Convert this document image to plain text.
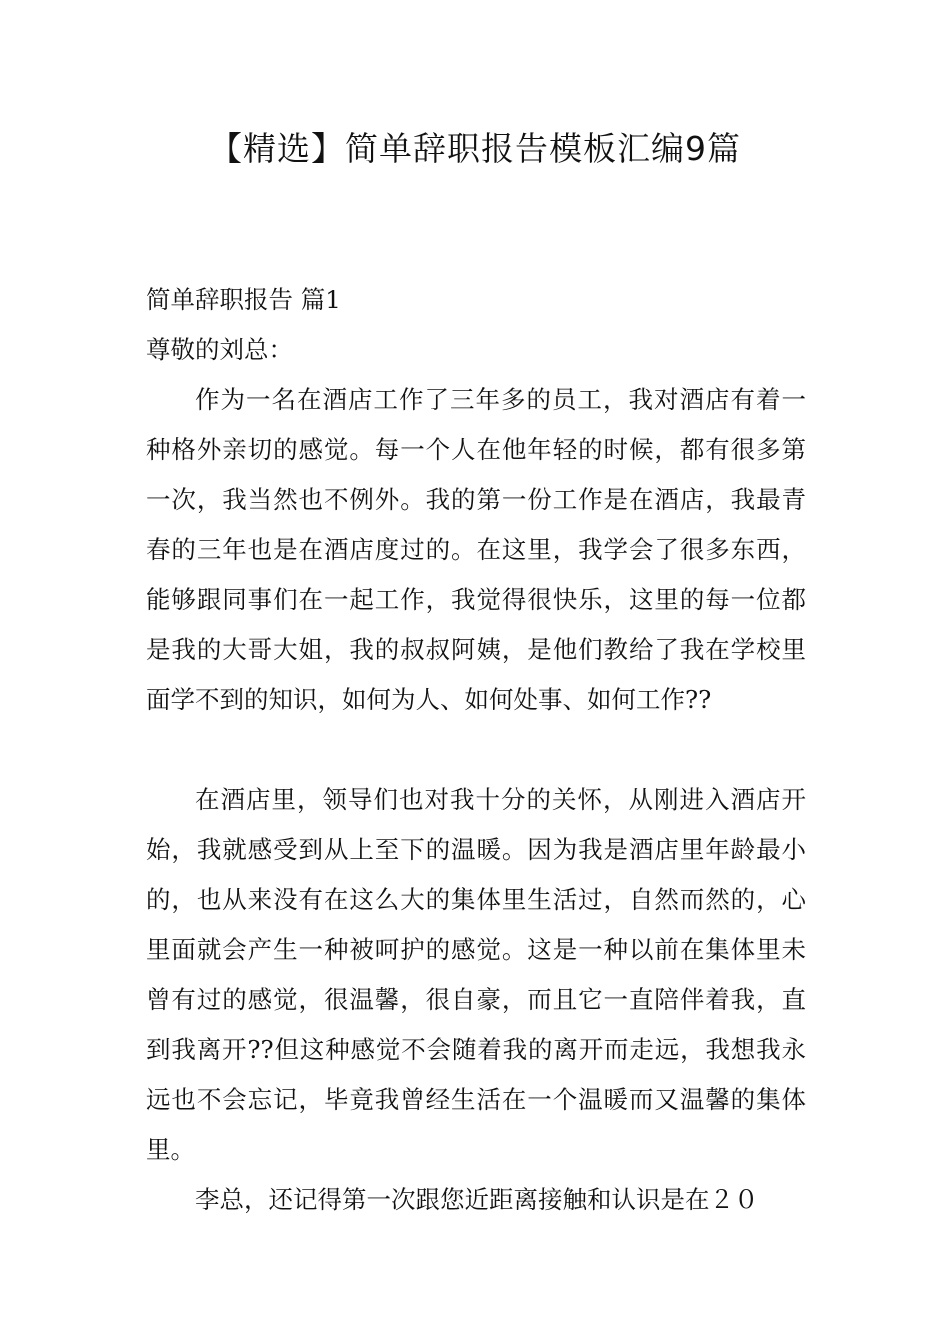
【精选】简单辞职报告模板汇编9篇
简单辞职报告 篇1
尊敬的刘总：

作为一名在酒店工作了三年多的员工，我对酒店有着一种格外亲切的感觉。每一个人在他年轻的时候，都有很多第一次，我当然也不例外。我的第一份工作是在酒店，我最青春的三年也是在酒店度过的。在这里，我学会了很多东西，能够跟同事们在一起工作，我觉得很快乐，这里的每一位都是我的大哥大姐，我的叔叔阿姨，是他们教给了我在学校里面学不到的知识，如何为人、如何处事、如何工作??

在酒店里，领导们也对我十分的关怀，从刚进入酒店开始，我就感受到从上至下的温暖。因为我是酒店里年龄最小的，也从来没有在这么大的集体里生活过，自然而然的，心里面就会产生一种被呵护的感觉。这是一种以前在集体里未曾有过的感觉，很温馨，很自豪，而且它一直陪伴着我，直到我离开??但这种感觉不会随着我的离开而走远，我想我永远也不会忘记，毕竟我曾经生活在一个温暖而又温馨的集体里。

李总，还记得第一次跟您近距离接触和认识是在２０
